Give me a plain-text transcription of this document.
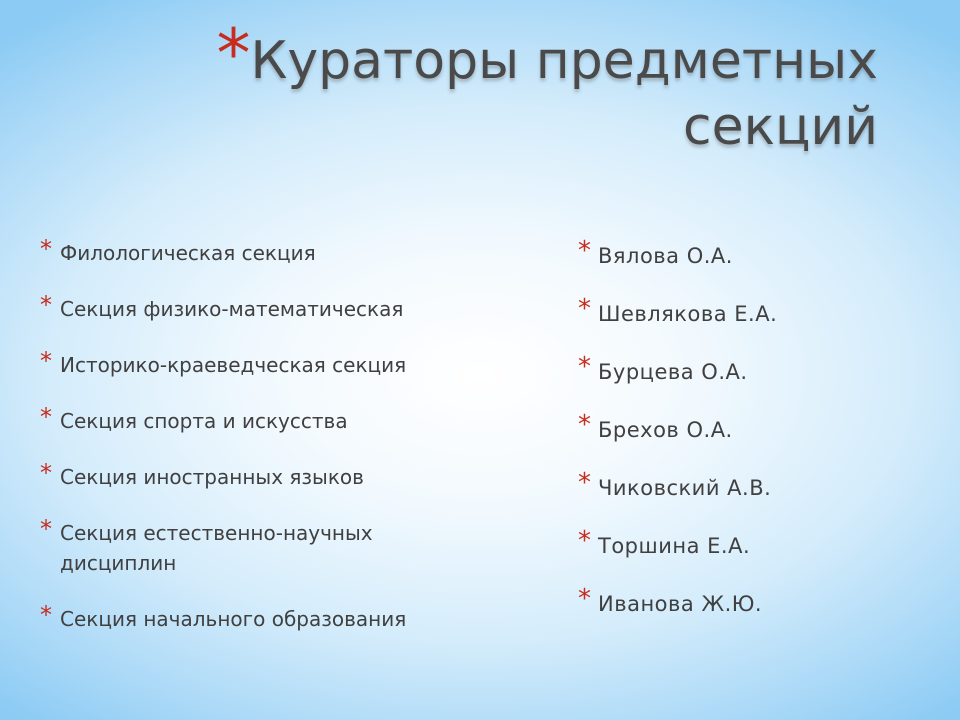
*Кураторы предметных секций
* Филологическая секция
* Секция физико-математическая
* Историко-краеведческая секция
* Секция спорта и искусства
* Секция иностранных языков
* Секция естественно-научных дисциплин
* Секция начального образования
* Вялова О.А.
* Шевлякова Е.А.
* Бурцева О.А.
* Брехов О.А.
* Чиковский А.В.
* Торшина Е.А.
* Иванова Ж.Ю.
